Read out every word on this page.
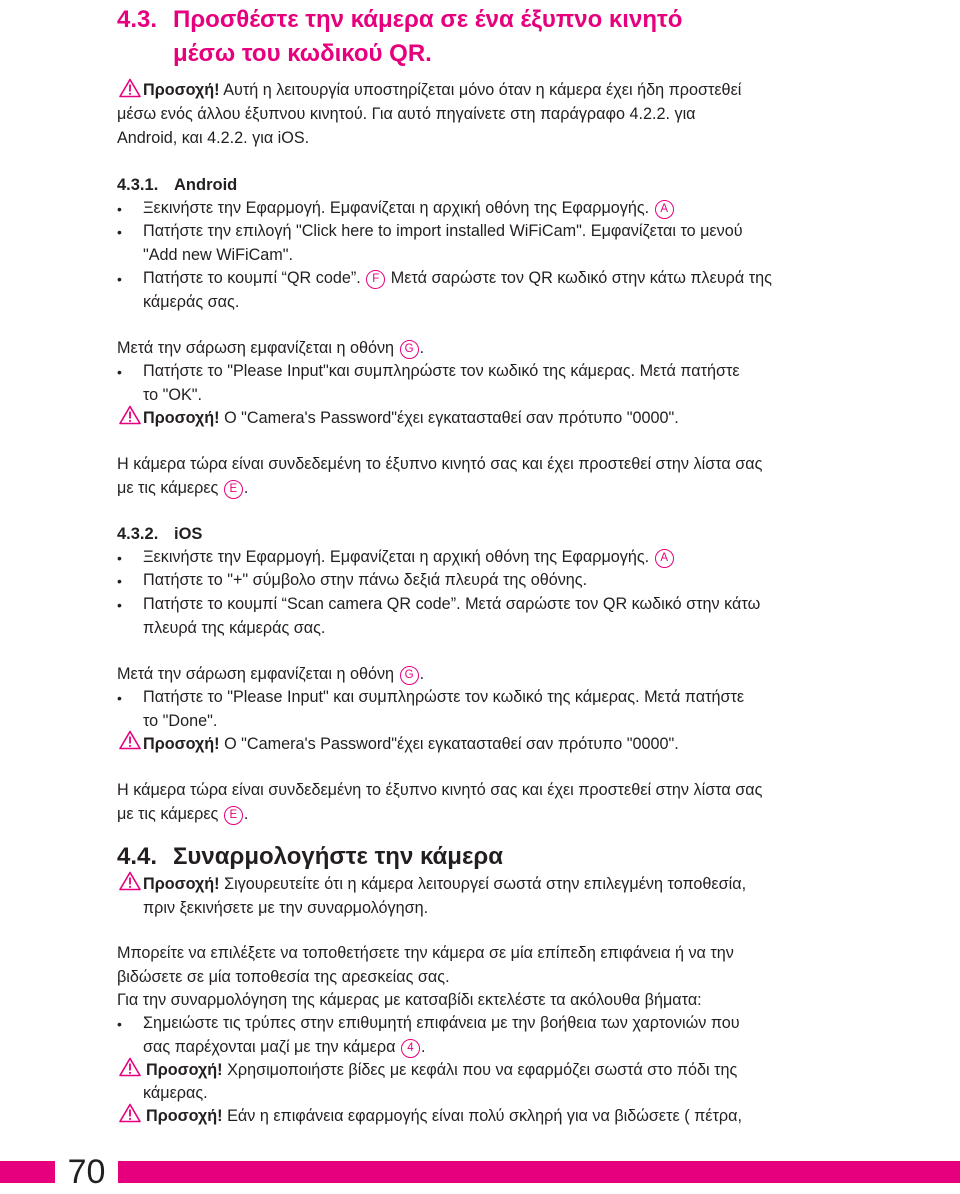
4.3. Προσθέστε την κάμερα σε ένα έξυπνο κινητό
μέσω του κωδικού QR.
Προσοχή! Αυτή η λειτουργία υποστηρίζεται μόνο όταν η κάμερα έχει ήδη προστεθεί
μέσω ενός άλλου έξυπνου κινητού. Για αυτό πηγαίνετε στη παράγραφο 4.2.2. για
Android, και 4.2.2. για iOS.
4.3.1. Android
• Ξεκινήστε την Εφαρμογή. Εμφανίζεται η αρχική οθόνη της Εφαρμογής. A
• Πατήστε την επιλογή "Click here to import installed WiFiCam". Εμφανίζεται το μενού
"Add new WiFiCam".
• Πατήστε το κουμπί “QR code”. F Μετά σαρώστε τον QR κωδικό στην κάτω πλευρά της
κάμεράς σας.
Μετά την σάρωση εμφανίζεται η οθόνη G .
• Πατήστε το "Please Input"και συμπληρώστε τον κωδικό της κάμερας. Μετά πατήστε
το "OK".
Προσοχή! Ο "Camera's Password"έχει εγκατασταθεί σαν πρότυπο "0000".
Η κάμερα τώρα είναι συνδεδεμένη το έξυπνο κινητό σας και έχει προστεθεί στην λίστα σας
με τις κάμερες E .
4.3.2. iOS
• Ξεκινήστε την Εφαρμογή. Εμφανίζεται η αρχική οθόνη της Εφαρμογής. A
• Πατήστε το "+" σύμβολο στην πάνω δεξιά πλευρά της οθόνης.
• Πατήστε το κουμπί “Scan camera QR code”. Μετά σαρώστε τον QR κωδικό στην κάτω
πλευρά της κάμεράς σας.
Μετά την σάρωση εμφανίζεται η οθόνη G .
• Πατήστε το "Please Input" και συμπληρώστε τον κωδικό της κάμερας. Μετά πατήστε
το "Done".
Προσοχή! Ο "Camera's Password"έχει εγκατασταθεί σαν πρότυπο "0000".
Η κάμερα τώρα είναι συνδεδεμένη το έξυπνο κινητό σας και έχει προστεθεί στην λίστα σας
με τις κάμερες E .
4.4. Συναρμολογήστε την κάμερα
Προσοχή! Σιγουρευτείτε ότι η κάμερα λειτουργεί σωστά στην επιλεγμένη τοποθεσία,
πριν ξεκινήσετε με την συναρμολόγηση.
Μπορείτε να επιλέξετε να τοποθετήσετε την κάμερα σε μία επίπεδη επιφάνεια ή να την
βιδώσετε σε μία τοποθεσία της αρεσκείας σας.
Για την συναρμολόγηση της κάμερας με κατσαβίδι εκτελέστε τα ακόλουθα βήματα:
• Σημειώστε τις τρύπες στην επιθυμητή επιφάνεια με την βοήθεια των χαρτονιών που
σας παρέχονται μαζί με την κάμερα 4 .
Προσοχή! Χρησιμοποιήστε βίδες με κεφάλι που να εφαρμόζει σωστά στο πόδι της
κάμερας.
Προσοχή! Εάν η επιφάνεια εφαρμογής είναι πολύ σκληρή για να βιδώσετε ( πέτρα,
70
